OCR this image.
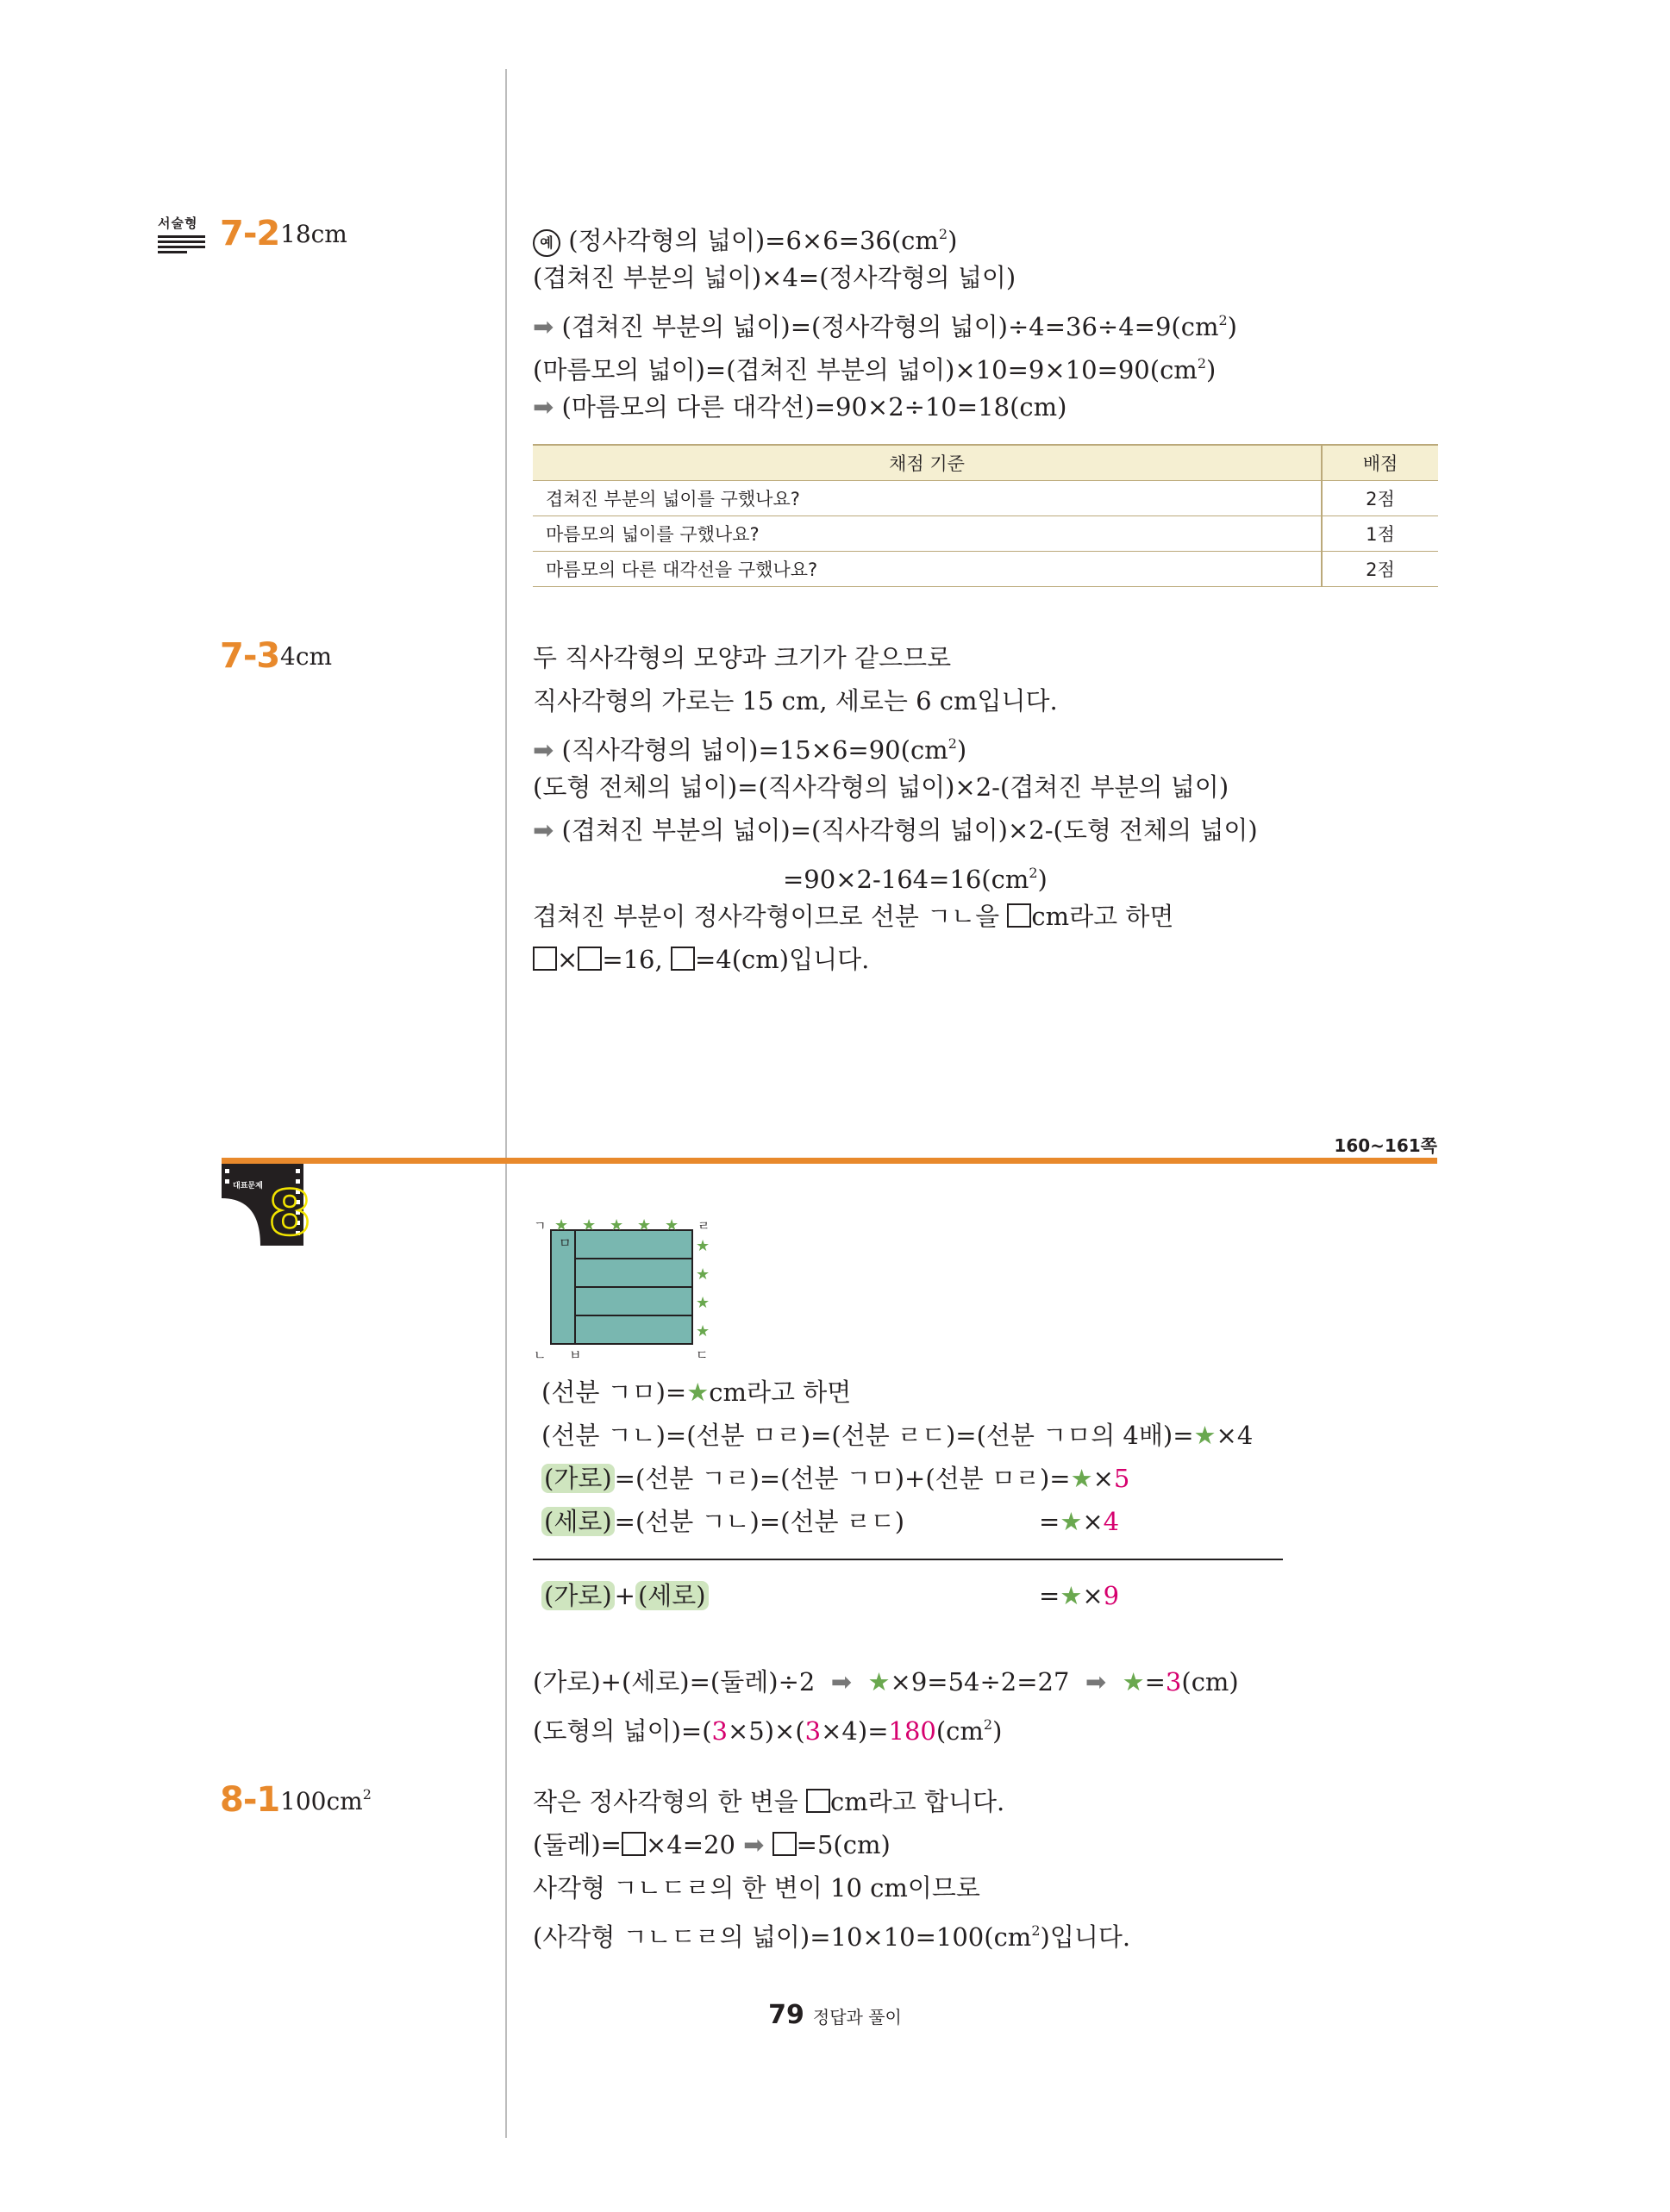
서술형 7-2 18cm	예 (정사각형의 넓이)$=6\times 6=36(cm^2)$
(겹쳐진 부분의 넓이)×4=(정사각형의 넓이)
➡ (겹쳐진 부분의 넓이)=(정사각형의 넓이)$\div 4=36\div 4=9(cm^2)$
(마름모의 넓이)=(겹쳐진 부분의 넓이)$\times 10=9\times 10=90(cm^2)$
➡ (마름모의 다른 대각선)=90×2÷10=18(cm)
채점 기준	배점
겹쳐진 부분의 넓이를 구했나요?	2점
마름모의 넓이를 구했나요?	1점
마름모의 다른 대각선을 구했나요?	2점
7-3 4cm	두 직사각형의 모양과 크기가 같으므로
직사각형의 가로는 15 cm, 세로는 6 cm입니다.
➡ (직사각형의 넓이)$=15\times 6=90(cm^2)$
(도형 전체의 넓이)=(직사각형의 넓이)×2-(겹쳐진 부분의 넓이)
➡ (겹쳐진 부분의 넓이)=(직사각형의 넓이)×2-(도형 전체의 넓이)
$=90\times 2-164=16(cm^2)$
겹쳐진 부분이 정사각형이므로 선분 ㄱㄴ을 cm라고 하면
× =16, =4(cm)입니다.
160~161쪽
대표문제 8	★ ★ ★ ★ ★
★
★
★
★
ㄱ
ㅁ
ㄹ
ㄴ ㅂ	ㄷ
(선분 ㄱㅁ)=★cm라고 하면
(선분 ㄱㄴ)=(선분 ㅁㄹ)=(선분 ㄹㄷ)=(선분 ㄱㅁ의 4배)=★×4
(가로) =(선분 ㄱㄹ)=(선분 ㄱㅁ)+(선분 ㅁㄹ)=★×5
(세로) =(선분 ㄱㄴ)=(선분 ㄹㄷ)	=★×4
(가로) + (세로)	=★×9
(가로)+(세로)=(둘레)÷2 ➡ ★×9=54÷2=27 ➡ ★=3(cm)
(도형의 넓이)$=(3\times 5)\times(3\times 4)=180(cm^2)$
8-1 $100cm^2$	작은 정사각형의 한 변을 cm라고 합니다.
(둘레)= ×4=20 ➡ =5(cm)
사각형 ㄱㄴㄷㄹ의 한 변이 10 cm이므로
(사각형 ㄱㄴㄷㄹ의 넓이)$=10\times 10=100(cm^2)$입니다.
79 정답과 풀이
